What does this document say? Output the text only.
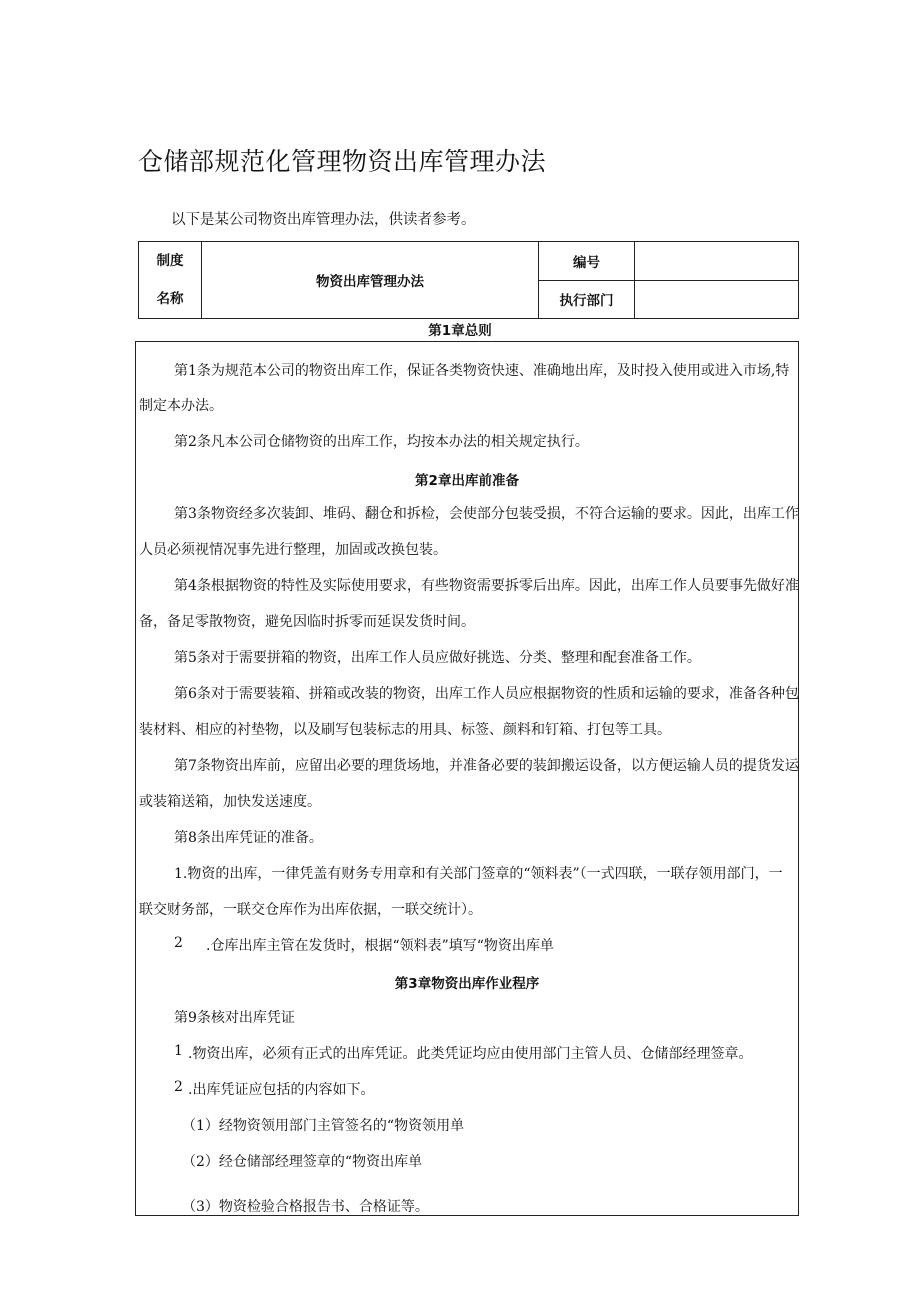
仓储部规范化管理物资出库管理办法
以下是某公司物资出库管理办法，供读者参考。
制度
名称	物资出库管理办法	编号	
		执行部门	
第1章总则
第1条为规范本公司的物资出库工作，保证各类物资快速、准确地出库，及时投入使用或进入市场,特
制定本办法。
第2条凡本公司仓储物资的出库工作，均按本办法的相关规定执行。
第2章出库前准备
第3条物资经多次装卸、堆码、翻仓和拆检，会使部分包装受损，不符合运输的要求。因此，出库工作
人员必须视情况事先进行整理，加固或改换包装。
第4条根据物资的特性及实际使用要求，有些物资需要拆零后出库。因此，出库工作人员要事先做好准
备，备足零散物资，避免因临时拆零而延误发货时间。
第5条对于需要拼箱的物资，出库工作人员应做好挑选、分类、整理和配套准备工作。
第6条对于需要装箱、拼箱或改装的物资，出库工作人员应根据物资的性质和运输的要求，准备各种包
装材料、相应的衬垫物，以及刷写包装标志的用具、标签、颜料和钉箱、打包等工具。
第7条物资出库前，应留出必要的理货场地，并准备必要的装卸搬运设备，以方便运输人员的提货发运
或装箱送箱，加快发送速度。
第8条出库凭证的准备。
1.物资的出库，一律凭盖有财务专用章和有关部门签章的“领料表”（一式四联，一联存领用部门，一
联交财务部，一联交仓库作为出库依据，一联交统计）。
2 .仓库出库主管在发货时，根据“领料表”填写“物资出库单
第3章物资出库作业程序
第9条核对出库凭证
1 .物资出库，必须有正式的出库凭证。此类凭证均应由使用部门主管人员、仓储部经理签章。
2 .出库凭证应包括的内容如下。
（1）经物资领用部门主管签名的“物资领用单
（2）经仓储部经理签章的“物资出库单
（3）物资检验合格报告书、合格证等。
